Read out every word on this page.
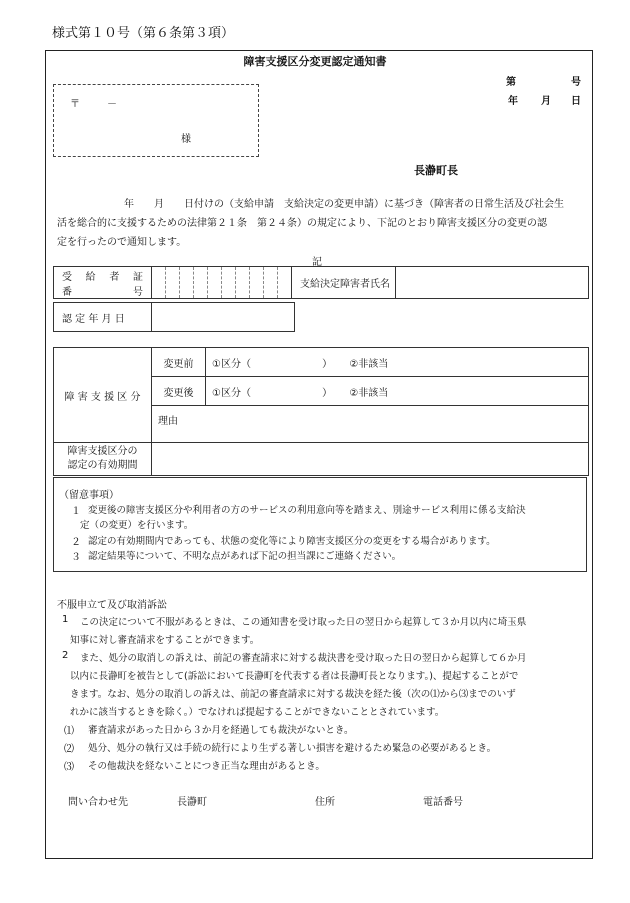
様式第１０号（第６条第３項）
障害支援区分変更認定通知書
第	号
年 月 日
〒	－
様
長瀞町長
年　　月　　日付けの（支給申請　支給決定の変更申請）に基づき（障害者の日常生活及び社会生
活を総合的に支援するための法律第２１条　第２４条）の規定により、下記のとおり障害支援区分の変更の認
定を行ったので通知します。
記
受 給 者 証
番	号
											支給決定障害者氏名	
認 定 年 月 日	
障 害 支 援 区 分	変更前	①区分（ ） ②非該当
	変更後	①区分（ ） ②非該当
	理由	

障害支援区分の
認定の有効期間		

（留意事項）
１ 変更後の障害支援区分や利用者の方のサービスの利用意向等を踏まえ、別途サービス利用に係る支給決
定（の変更）を行います。
２ 認定の有効期間内であっても、状態の変化等により障害支援区分の変更をする場合があります。
３ 認定結果等について、不明な点があれば下記の担当課にご連絡ください。
不服申立て及び取消訴訟
1 この決定について不服があるときは、この通知書を受け取った日の翌日から起算して３か月以内に埼玉県
知事に対し審査請求をすることができます。
2 また、処分の取消しの訴えは、前記の審査請求に対する裁決書を受け取った日の翌日から起算して６か月
以内に長瀞町を被告として(訴訟において長瀞町を代表する者は長瀞町長となります。)、提起することがで
きます。なお、処分の取消しの訴えは、前記の審査請求に対する裁決を経た後（次の⑴から⑶までのいず
れかに該当するときを除く。）でなければ提起することができないこととされています。
⑴ 審査請求があった日から３か月を経過しても裁決がないとき。
⑵ 処分、処分の執行又は手続の続行により生ずる著しい損害を避けるため緊急の必要があるとき。
⑶ その他裁決を経ないことにつき正当な理由があるとき。
問い合わせ先	長瀞町	住所	電話番号
